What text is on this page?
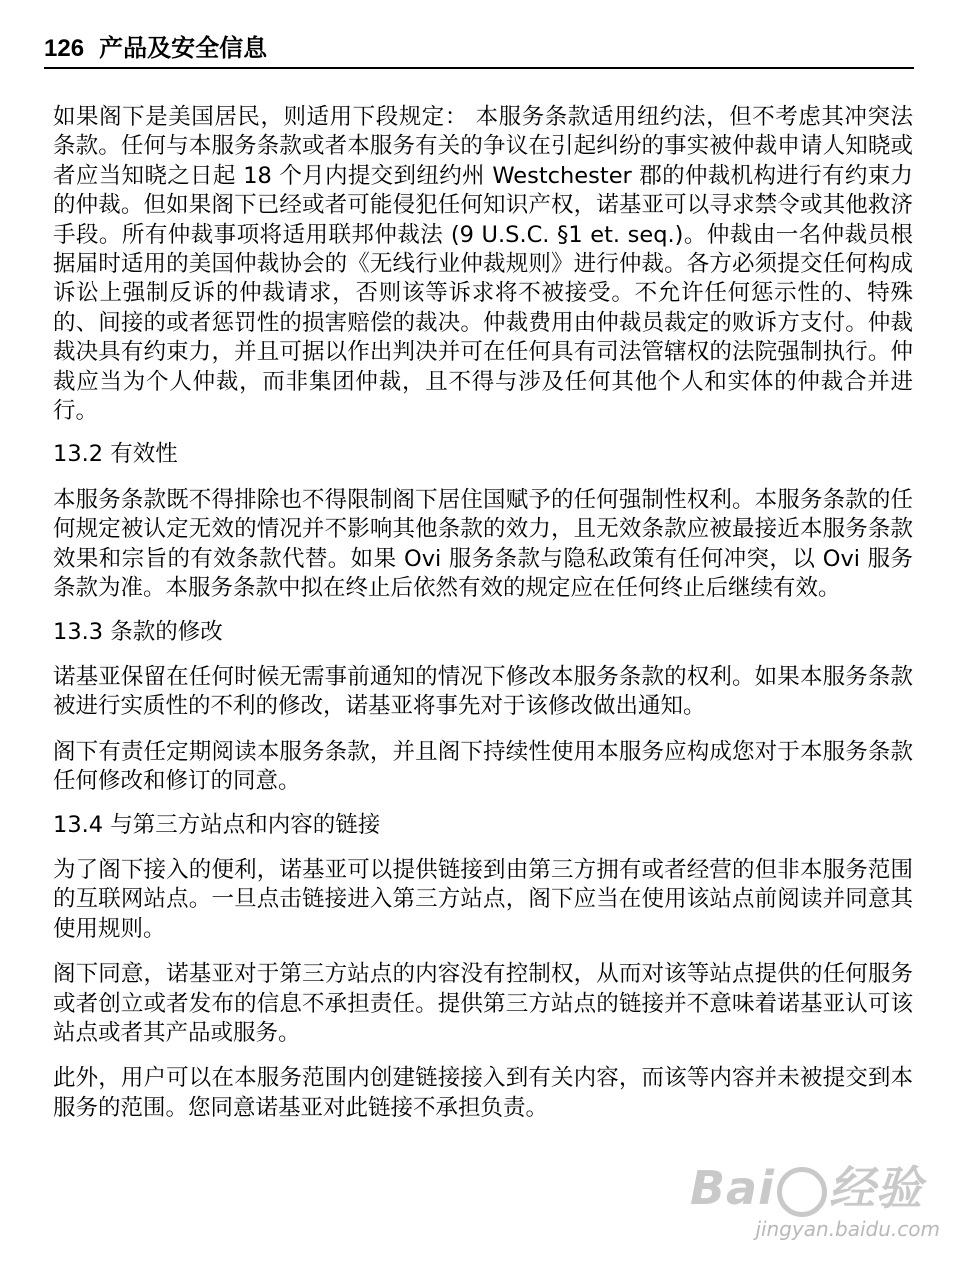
126 产品及安全信息

如果阁下是美国居民，则适用下段规定： 本服务条款适用纽约法，但不考虑其冲突法条款。任何与本服务条款或者本服务有关的争议在引起纠纷的事实被仲裁申请人知晓或者应当知晓之日起 18 个月内提交到纽约州 Westchester 郡的仲裁机构进行有约束力的仲裁。但如果阁下已经或者可能侵犯任何知识产权，诺基亚可以寻求禁令或其他救济手段。所有仲裁事项将适用联邦仲裁法 (9 U.S.C. §1 et. seq.)。仲裁由一名仲裁员根据届时适用的美国仲裁协会的《无线行业仲裁规则》进行仲裁。各方必须提交任何构成诉讼上强制反诉的仲裁请求，否则该等诉求将不被接受。不允许任何惩示性的、特殊的、间接的或者惩罚性的损害赔偿的裁决。仲裁费用由仲裁员裁定的败诉方支付。仲裁裁决具有约束力，并且可据以作出判决并可在任何具有司法管辖权的法院强制执行。仲裁应当为个人仲裁，而非集团仲裁，且不得与涉及任何其他个人和实体的仲裁合并进行。

13.2 有效性

本服务条款既不得排除也不得限制阁下居住国赋予的任何强制性权利。本服务条款的任何规定被认定无效的情况并不影响其他条款的效力，且无效条款应被最接近本服务条款效果和宗旨的有效条款代替。如果 Ovi 服务条款与隐私政策有任何冲突，以 Ovi 服务条款为准。本服务条款中拟在终止后依然有效的规定应在任何终止后继续有效。

13.3 条款的修改

诺基亚保留在任何时候无需事前通知的情况下修改本服务条款的权利。如果本服务条款被进行实质性的不利的修改，诺基亚将事先对于该修改做出通知。

阁下有责任定期阅读本服务条款，并且阁下持续性使用本服务应构成您对于本服务条款任何修改和修订的同意。

13.4 与第三方站点和内容的链接

为了阁下接入的便利，诺基亚可以提供链接到由第三方拥有或者经营的但非本服务范围的互联网站点。一旦点击链接进入第三方站点，阁下应当在使用该站点前阅读并同意其使用规则。

阁下同意，诺基亚对于第三方站点的内容没有控制权，从而对该等站点提供的任何服务或者创立或者发布的信息不承担责任。提供第三方站点的链接并不意味着诺基亚认可该站点或者其产品或服务。

此外，用户可以在本服务范围内创建链接接入到有关内容，而该等内容并未被提交到本服务的范围。您同意诺基亚对此链接不承担负责。

Bai 经验
jingyan.baidu.com
